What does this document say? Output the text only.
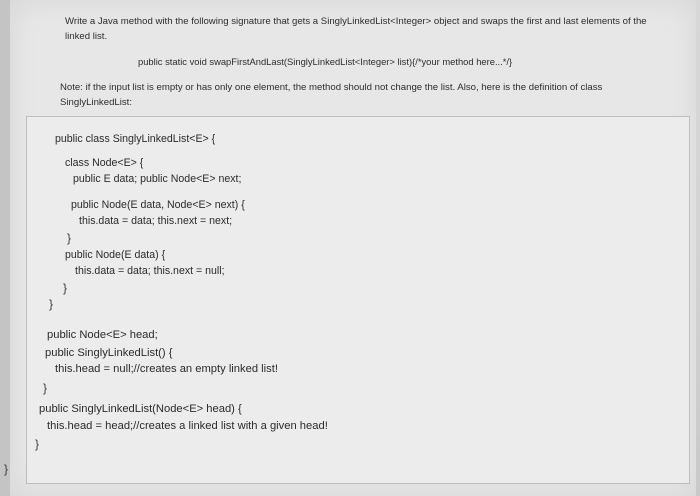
Write a Java method with the following signature that gets a SinglyLinkedList<Integer> object and swaps the first and last elements of the linked list.
public static void swapFirstAndLast(SinglyLinkedList<Integer> list){/*your method here...*/}
Note: if the input list is empty or has only one element, the method should not change the list. Also, here is the definition of class SinglyLinkedList:
public class SinglyLinkedList<E> {
class Node<E> {
public E data; public Node<E> next;
public Node(E data, Node<E> next) {
this.data = data; this.next = next;
}
public Node(E data) {
this.data = data; this.next = null;
}
}
public Node<E> head;
public SinglyLinkedList() {
this.head = null;//creates an empty linked list!
}
public SinglyLinkedList(Node<E> head) {
this.head = head;//creates a linked list with a given head!
}
}
